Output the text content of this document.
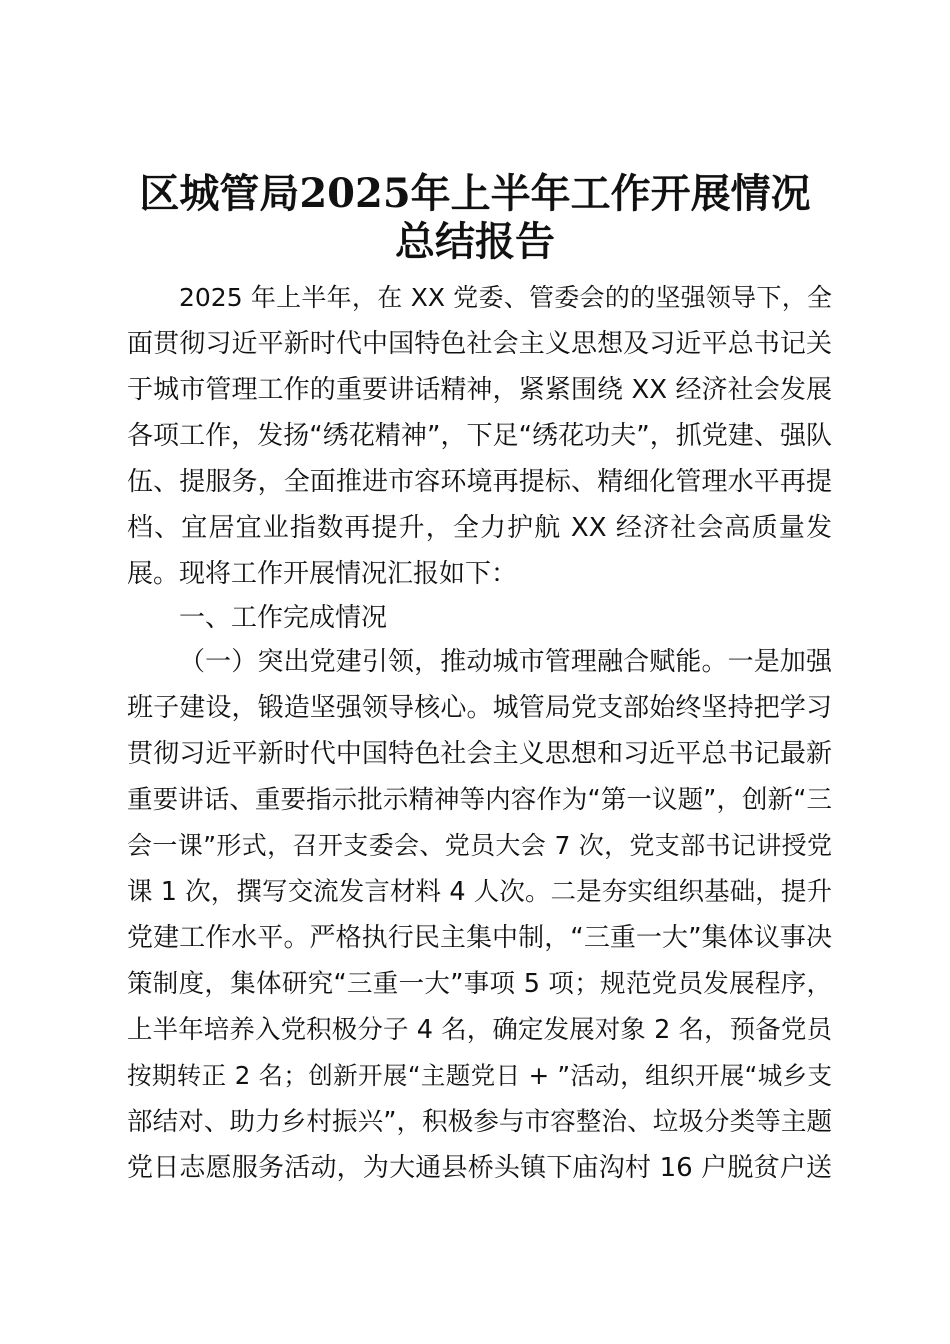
区城管局2025年上半年工作开展情况
总结报告
2025 年上半年，在 XX 党委、管委会的的坚强领导下，全
面贯彻习近平新时代中国特色社会主义思想及习近平总书记关
于城市管理工作的重要讲话精神，紧紧围绕 XX 经济社会发展
各项工作，发扬“绣花精神”，下足“绣花功夫”，抓党建、强队
伍、提服务，全面推进市容环境再提标、精细化管理水平再提
档、宜居宜业指数再提升，全力护航 XX 经济社会高质量发
展。现将工作开展情况汇报如下：
一、工作完成情况
（一）突出党建引领，推动城市管理融合赋能。一是加强
班子建设，锻造坚强领导核心。城管局党支部始终坚持把学习
贯彻习近平新时代中国特色社会主义思想和习近平总书记最新
重要讲话、重要指示批示精神等内容作为“第一议题”，创新“三
会一课”形式，召开支委会、党员大会 7 次，党支部书记讲授党
课 1 次，撰写交流发言材料 4 人次。二是夯实组织基础，提升
党建工作水平。严格执行民主集中制，“三重一大”集体议事决
策制度，集体研究“三重一大”事项 5 项；规范党员发展程序，
上半年培养入党积极分子 4 名，确定发展对象 2 名，预备党员
按期转正 2 名；创新开展“主题党日 + ”活动，组织开展“城乡支
部结对、助力乡村振兴”，积极参与市容整治、垃圾分类等主题
党日志愿服务活动，为大通县桥头镇下庙沟村 16 户脱贫户送
